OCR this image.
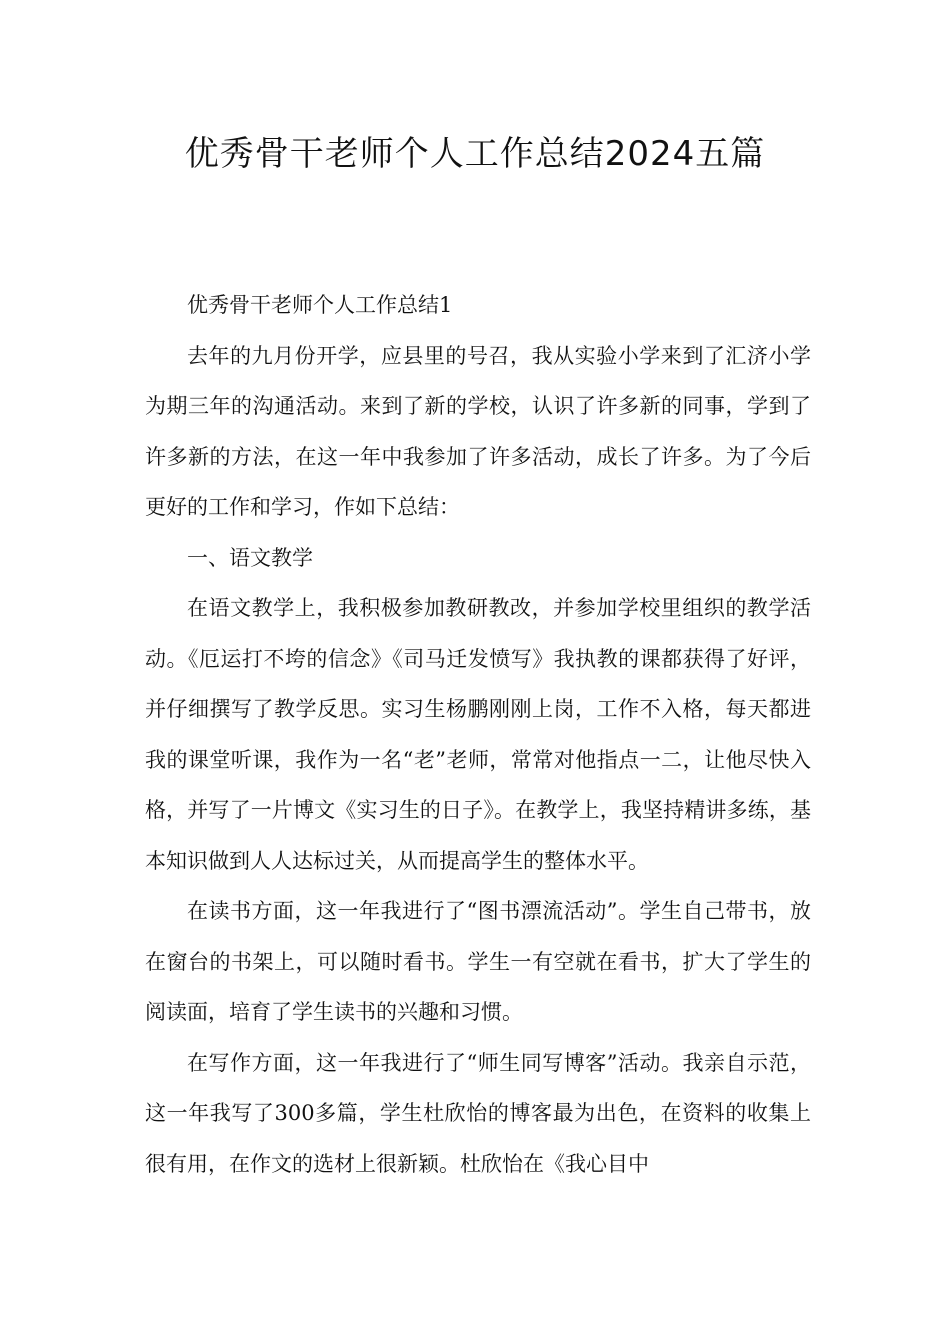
优秀骨干老师个人工作总结2024五篇

优秀骨干老师个人工作总结1

去年的九月份开学，应县里的号召，我从实验小学来到了汇济小学为期三年的沟通活动。来到了新的学校，认识了许多新的同事，学到了许多新的方法，在这一年中我参加了许多活动，成长了许多。为了今后更好的工作和学习，作如下总结：

一、语文教学

在语文教学上，我积极参加教研教改，并参加学校里组织的教学活动。《厄运打不垮的信念》《司马迁发愤写》我执教的课都获得了好评，并仔细撰写了教学反思。实习生杨鹏刚刚上岗，工作不入格，每天都进我的课堂听课，我作为一名“老”老师，常常对他指点一二，让他尽快入格，并写了一片博文《实习生的日子》。在教学上，我坚持精讲多练，基本知识做到人人达标过关，从而提高学生的整体水平。

在读书方面，这一年我进行了“图书漂流活动”。学生自己带书，放在窗台的书架上，可以随时看书。学生一有空就在看书，扩大了学生的阅读面，培育了学生读书的兴趣和习惯。

在写作方面，这一年我进行了“师生同写博客”活动。我亲自示范，这一年我写了300多篇，学生杜欣怡的博客最为出色，在资料的收集上很有用，在作文的选材上很新颖。杜欣怡在《我心目中
